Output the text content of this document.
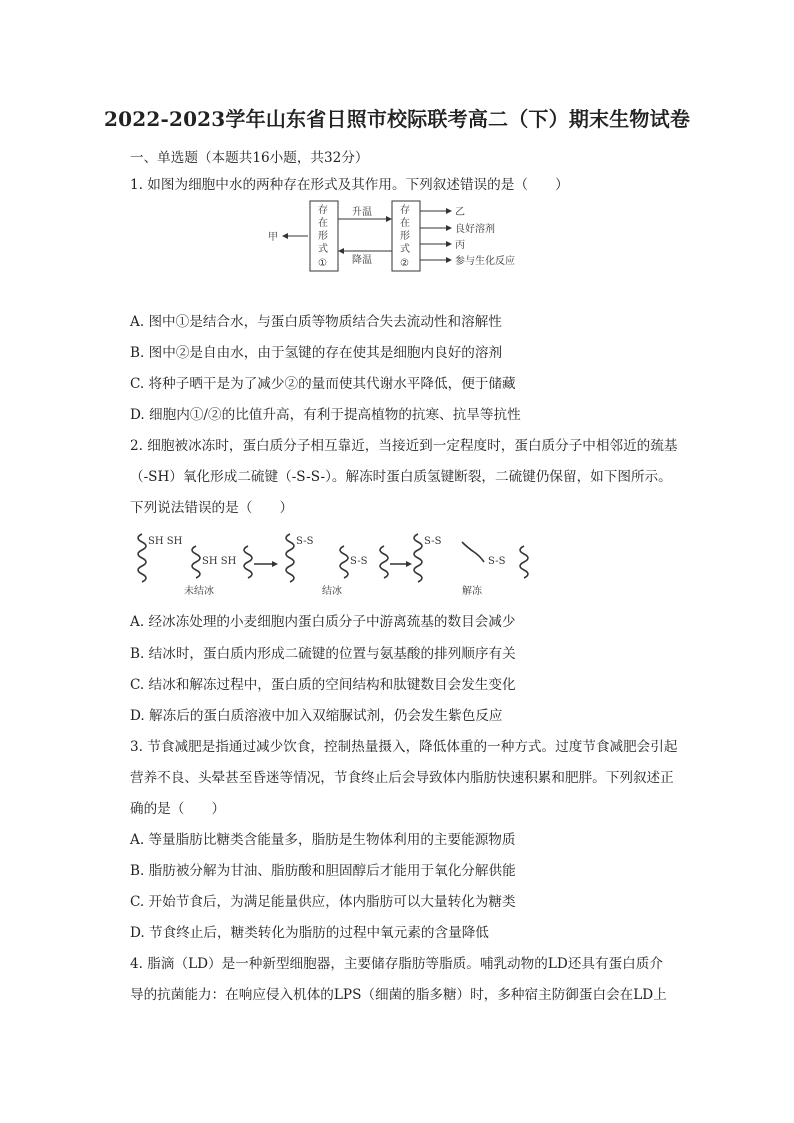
2022-2023学年山东省日照市校际联考高二（下）期末生物试卷
一、单选题（本题共16小题，共32分）
1. 如图为细胞中水的两种存在形式及其作用。下列叙述错误的是（　　）
存
在
形
式
①
存
在
形
式
②
升温
降温
甲
乙
良好溶剂
丙
参与生化反应
A. 图中①是结合水，与蛋白质等物质结合失去流动性和溶解性
B. 图中②是自由水，由于氢键的存在使其是细胞内良好的溶剂
C. 将种子晒干是为了减少②的量而使其代谢水平降低，便于储藏
D. 细胞内①/②的比值升高，有利于提高植物的抗寒、抗旱等抗性
2. 细胞被冰冻时，蛋白质分子相互靠近，当接近到一定程度时，蛋白质分子中相邻近的巯基
（-SH）氧化形成二硫键（-S-S-）。解冻时蛋白质氢键断裂，二硫键仍保留，如下图所示。
下列说法错误的是（　　）
SH SH
SH SH
S-S
S-S
S-S
S-S
未结冰	结冰	解冻
A. 经冰冻处理的小麦细胞内蛋白质分子中游离巯基的数目会减少
B. 结冰时，蛋白质内形成二硫键的位置与氨基酸的排列顺序有关
C. 结冰和解冻过程中，蛋白质的空间结构和肽键数目会发生变化
D. 解冻后的蛋白质溶液中加入双缩脲试剂，仍会发生紫色反应
3. 节食减肥是指通过减少饮食，控制热量摄入，降低体重的一种方式。过度节食减肥会引起
营养不良、头晕甚至昏迷等情况，节食终止后会导致体内脂肪快速积累和肥胖。下列叙述正
确的是（　　）
A. 等量脂肪比糖类含能量多，脂肪是生物体利用的主要能源物质
B. 脂肪被分解为甘油、脂肪酸和胆固醇后才能用于氧化分解供能
C. 开始节食后，为满足能量供应，体内脂肪可以大量转化为糖类
D. 节食终止后，糖类转化为脂肪的过程中氧元素的含量降低
4. 脂滴（LD）是一种新型细胞器，主要储存脂肪等脂质。哺乳动物的LD还具有蛋白质介
导的抗菌能力：在响应侵入机体的LPS（细菌的脂多糖）时，多种宿主防御蛋白会在LD上
